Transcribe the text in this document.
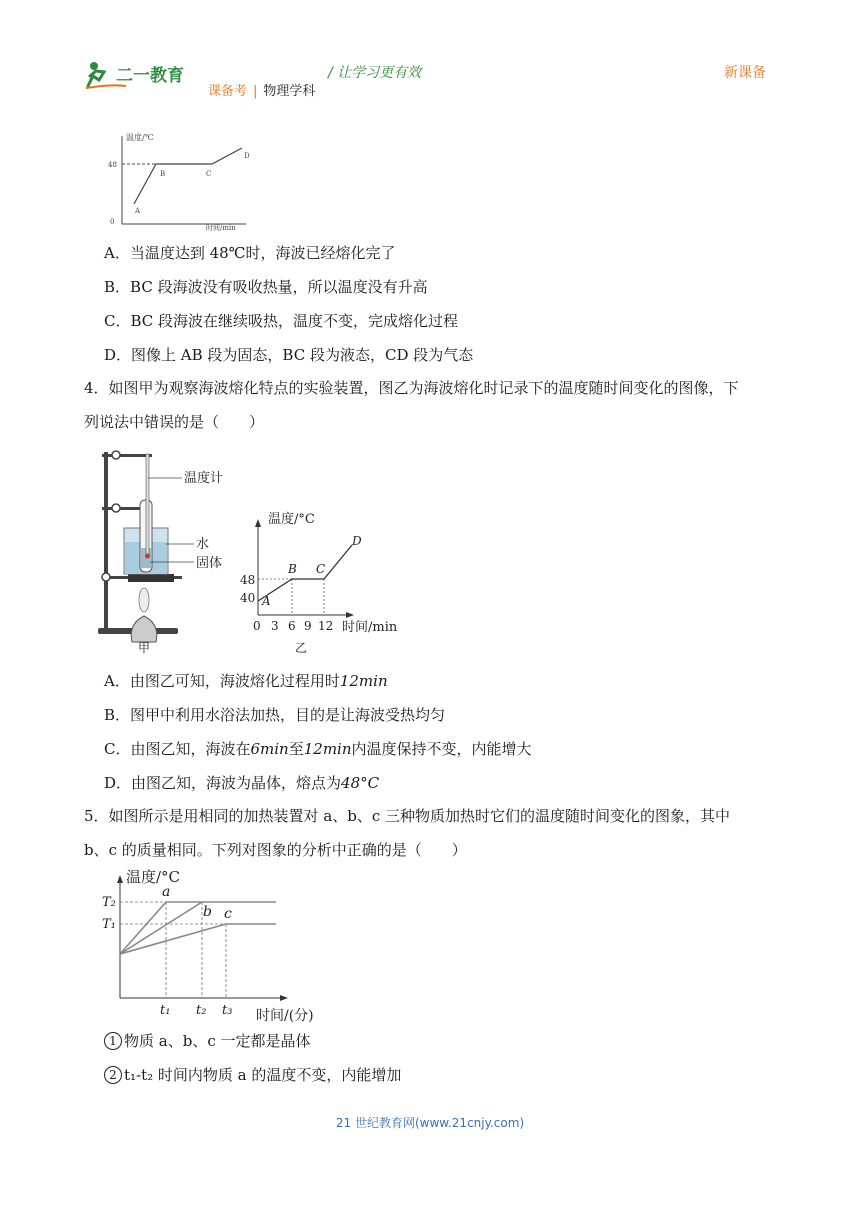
二一教育	/ 让学习更有效	新课备
课备考 | 物理学科
温度/℃
48
0
时间/min
A
B	C
D
A．当温度达到 48℃时，海波已经熔化完了
B．BC 段海波没有吸收热量，所以温度没有升高
C．BC 段海波在继续吸热，温度不变，完成熔化过程
D．图像上 AB 段为固态，BC 段为液态，CD 段为气态
4．如图甲为观察海波熔化特点的实验装置，图乙为海波熔化时记录下的温度随时间变化的图像，下
列说法中错误的是（　　）
温度计
水
固体
甲
温度/°C
48
40
0 3 6 9 12 时间/min
A
B C
D
乙
A．由图乙可知，海波熔化过程用时12min
B．图甲中利用水浴法加热，目的是让海波受热均匀
C．由图乙知，海波在6min至12min内温度保持不变，内能增大
D．由图乙知，海波为晶体，熔点为48°C
5．如图所示是用相同的加热装置对 a、b、c 三种物质加热时它们的温度随时间变化的图象，其中
b、c 的质量相同。下列对图象的分析中正确的是（　　）
温度/°C
T₂
T₁
t₁ t₂ t₃ 时间/(分)
a
b c
1 物质 a、b、c 一定都是晶体
2 t₁-t₂ 时间内物质 a 的温度不变，内能增加
21 世纪教育网(www.21cnjy.com)
